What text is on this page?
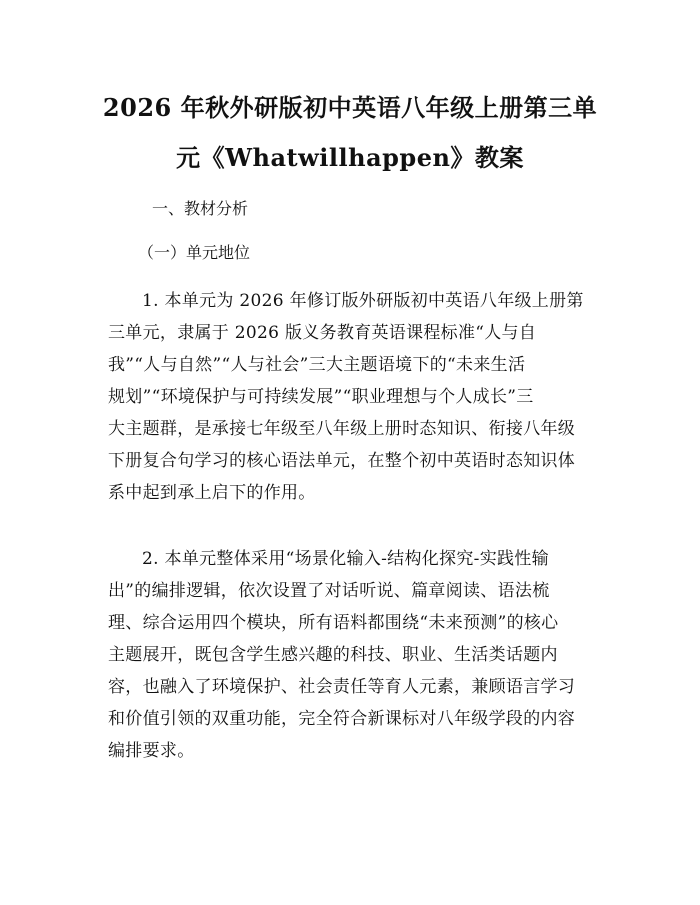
2026 年秋外研版初中英语八年级上册第三单
元《Whatwillhappen》教案
一、教材分析
（一）单元地位
1. 本单元为 2026 年修订版外研版初中英语八年级上册第
三单元，隶属于 2026 版义务教育英语课程标准“人与自
我”“人与自然”“人与社会”三大主题语境下的“未来生活
规划”“环境保护与可持续发展”“职业理想与个人成长”三
大主题群，是承接七年级至八年级上册时态知识、衔接八年级
下册复合句学习的核心语法单元，在整个初中英语时态知识体
系中起到承上启下的作用。
2. 本单元整体采用“场景化输入-结构化探究-实践性输
出”的编排逻辑，依次设置了对话听说、篇章阅读、语法梳
理、综合运用四个模块，所有语料都围绕“未来预测”的核心
主题展开，既包含学生感兴趣的科技、职业、生活类话题内
容，也融入了环境保护、社会责任等育人元素，兼顾语言学习
和价值引领的双重功能，完全符合新课标对八年级学段的内容
编排要求。
